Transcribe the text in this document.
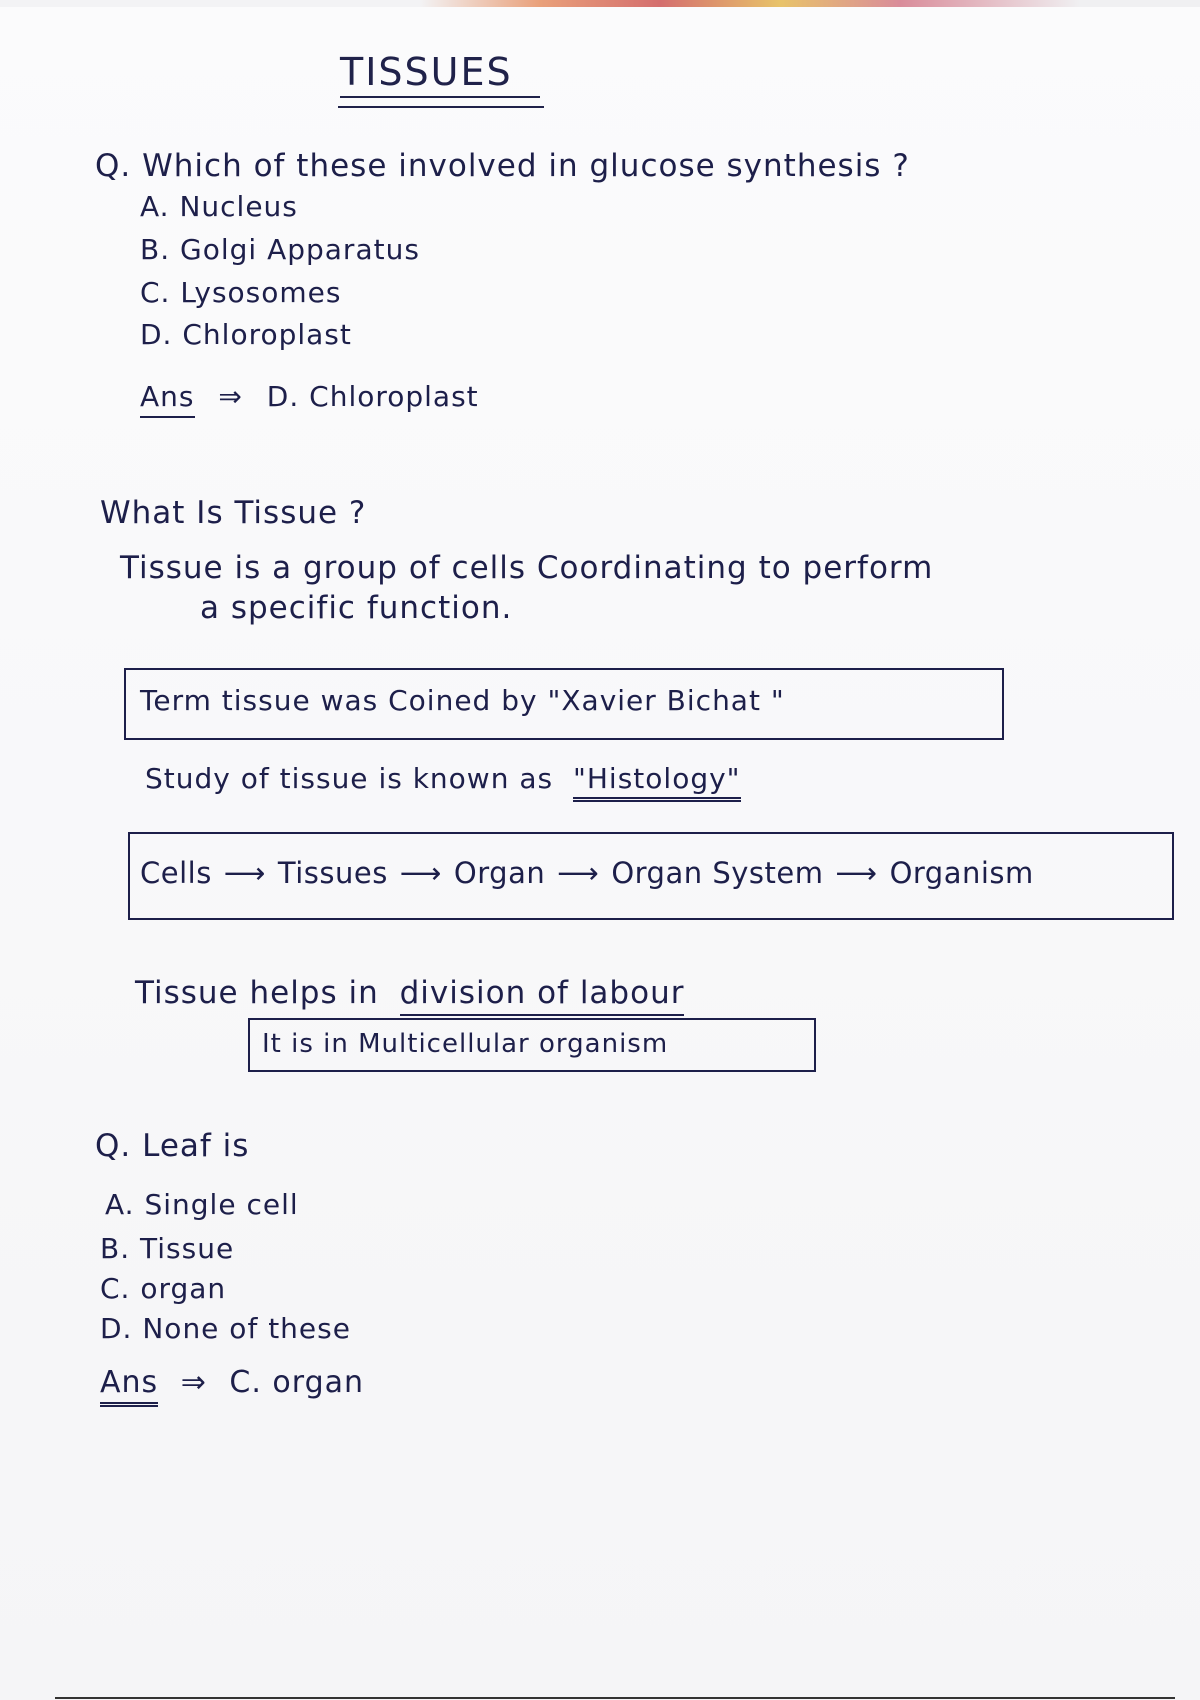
TISSUES
Q. Which of these involved in glucose synthesis ?
A. Nucleus
B. Golgi Apparatus
C. Lysosomes
D. Chloroplast
Ans ⇒ D. Chloroplast
What Is Tissue ?
Tissue is a group of cells Coordinating to perform
a specific function.
Term tissue was Coined by "Xavier Bichat "
Study of tissue is known as "Histology"
Cells ⟶ Tissues ⟶ Organ ⟶ Organ System ⟶ Organism
Tissue helps in division of labour
It is in Multicellular organism
Q. Leaf is
A. Single cell
B. Tissue
C. organ
D. None of these
Ans ⇒ C. organ
